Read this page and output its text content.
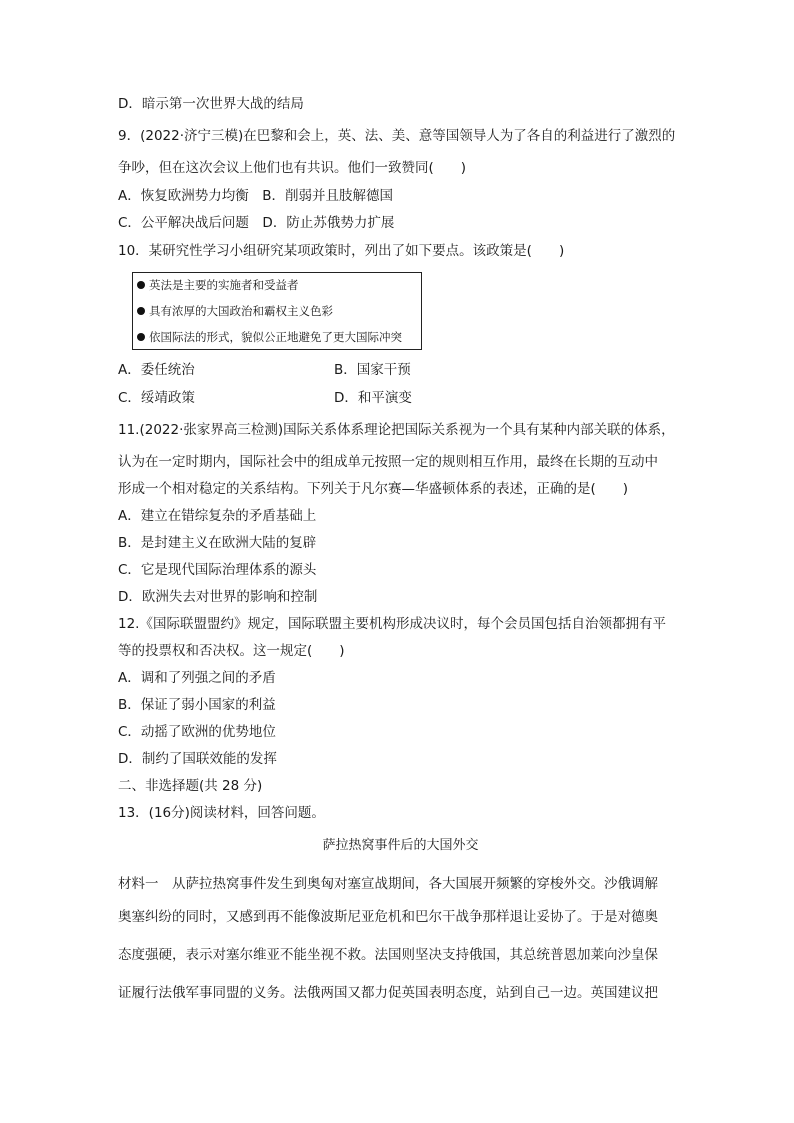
D．暗示第一次世界大战的结局
9．(2022·济宁三模)在巴黎和会上，英、法、美、意等国领导人为了各自的利益进行了激烈的
争吵，但在这次会议上他们也有共识。他们一致赞同(　　)
A．恢复欧洲势力均衡　B．削弱并且肢解德国
C．公平解决战后问题　D．防止苏俄势力扩展
10．某研究性学习小组研究某项政策时，列出了如下要点。该政策是(　　)
英法是主要的实施者和受益者
具有浓厚的大国政治和霸权主义色彩
依国际法的形式，貌似公正地避免了更大国际冲突
A．委任统治	B．国家干预
C．绥靖政策	D．和平演变
11.(2022·张家界高三检测)国际关系体系理论把国际关系视为一个具有某种内部关联的体系，
认为在一定时期内，国际社会中的组成单元按照一定的规则相互作用，最终在长期的互动中
形成一个相对稳定的关系结构。下列关于凡尔赛—华盛顿体系的表述，正确的是(　　)
A．建立在错综复杂的矛盾基础上
B．是封建主义在欧洲大陆的复辟
C．它是现代国际治理体系的源头
D．欧洲失去对世界的影响和控制
12.《国际联盟盟约》规定，国际联盟主要机构形成决议时，每个会员国包括自治领都拥有平
等的投票权和否决权。这一规定(　　)
A．调和了列强之间的矛盾
B．保证了弱小国家的利益
C．动摇了欧洲的优势地位
D．制约了国联效能的发挥
二、非选择题(共 28 分)
13．(16分)阅读材料，回答问题。
萨拉热窝事件后的大国外交
材料一　从萨拉热窝事件发生到奥匈对塞宣战期间，各大国展开频繁的穿梭外交。沙俄调解
奥塞纠纷的同时，又感到再不能像波斯尼亚危机和巴尔干战争那样退让妥协了。于是对德奥
态度强硬，表示对塞尔维亚不能坐视不救。法国则坚决支持俄国，其总统普恩加莱向沙皇保
证履行法俄军事同盟的义务。法俄两国又都力促英国表明态度，站到自己一边。英国建议把
